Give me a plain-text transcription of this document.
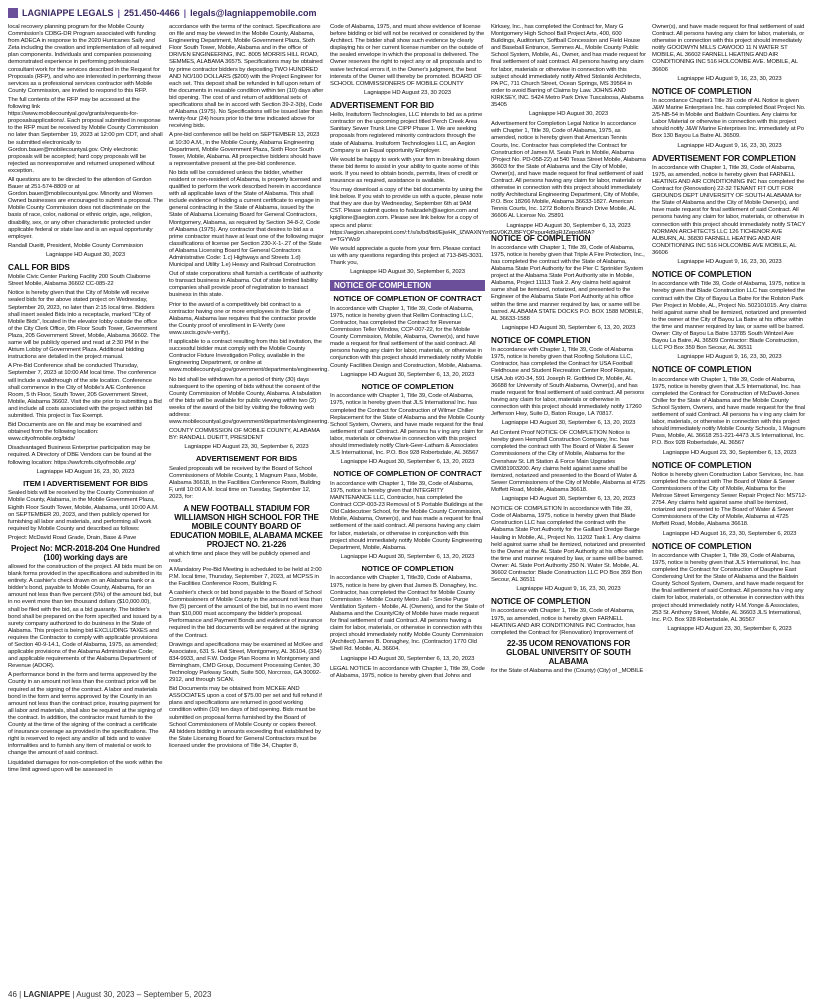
LAGNIAPPE LEGALS | 251.450-4466 | legals@lagniappemobile.com

local recovery planning program for the Mobile County Commission's CDBG-DR Program associated with funding from ADECA in response to the 2020 Hurricanes Sally and Zeta including the creation and implementation of all required plan components. Individuals and companies possessing demonstrated experience in performing professional consultant work for the services described in the Request for Proposals (RFP), and who are interested in performing these services as a professional services contractor with Mobile County Commission, are invited to respond to this RFP.

The full contents of the RFP may be accessed at the following link https://www.mobilecountyal.gov/grants/requests-for-proposalsapplications/. Each proposal submitted in response to the RFP must be received by Mobile County Commission no later than September 19, 2023 at 12:00 pm CDT, and shall be submitted electronically to Gordon.bauer@mobilecountyal.gov. Only electronic proposals will be accepted; hard copy proposals will be rejected as nonresponsive and returned unopened without exception.

All questions are to be directed to the attention of Gordon Bauer at 251-574-8809 or at Gordon.bauer@mobilecountyal.gov. Minority and Women Owned businesses are encouraged to submit a proposal. The Mobile County Commission does not discriminate on the basis of race, color, national or ethnic origin, age, religion, disability, sex, or any other characteristic protected under applicable federal or state law and is an equal opportunity employer.

Randall Dueitt, President, Mobile County Commission

Lagniappe HD August 30, 2023
CALL FOR BIDS

Mobile Civic Center Parking Facility 200 South Claiborne Street Mobile, Alabama 36602 CC-085-22

Notice is hereby given that the City of Mobile will receive sealed bids for the above stated project on Wednesday, September 20, 2023, no later than 2:15 local time. Bidders shall insert sealed Bids into a receptacle, marked "City of Mobile Bids", located in the elevator lobby outside the office of the City Clerk Office, 9th Floor South Tower, Government Plaza, 205 Government Street, Mobile, Alabama 36602. The same will be publicly opened and read at 2:30 PM in the Atrium Lobby of Government Plaza. Additional bidding instructions are detailed in the project manual.

A Pre-Bid Conference shall be conducted Thursday, September 7, 2023 at 10:00 AM local time. The conference will include a walkthrough of the site location. Conference shall commence in the City of Mobile's A/E Conference Room, 5 th Floor, South Tower, 205 Government Street, Mobile, Alabama 36602. Visit the site prior to submitting a Bid and include all costs associated with the project within bid submitted. This project is Tax Exempt.

Bid Documents are on file and may be examined and obtained from the following location: www.cityofmobile.org/bids/

Disadvantaged Business Enterprise participation may be required. A Directory of DBE Vendors can be found at the following location: https://wwfcmfs.cityofmobile.org/

Lagniappe HD August 16, 23, 30, 2023
ITEM I ADVERTISEMENT FOR BIDS

Sealed bids will be received by the County Commission of Mobile County, Alabama, in the Mobile Government Plaza, Eighth Floor South Tower, Mobile, Alabama, until 10:00 A.M. on SEPTEMBER 20, 2023, and then publicly opened for furnishing all labor and materials, and performing all work required by Mobile County and described as follows:

Project: McDavid Road Grade, Drain, Base & Pave

Project No: MCR-2018-204 One Hundred (100) working days are

allowed for the construction of the project. All bids must be on blank forms provided in the specifications and submitted in its entirety. A cashier's check drawn on an Alabama bank or a bidder's bond, payable to Mobile County, Alabama, for an amount not less than five percent (5%) of the amount bid, but in no event more than ten thousand dollars ($10,000.00), shall be filed with the bid, as a bid guaranty. The bidder's bond shall be prepared on the form specified and issued by a surety company authorized to do business in the State of Alabama. This project is being bid EXCLUDING TAXES and requires the Contractor to comply with applicable provisions of Section 40-9-14.1, Code of Alabama, 1975, as amended; applicable provisions of the Alabama Administrative Code; and applicable requirements of the Alabama Department of Revenue (ADOR).

A performance bond in the form and terms approved by the County in an amount not less than the contract price will be required at the signing of the contract. A labor and materials bond in the form and terms approved by the County in an amount not less than the contract price, insuring payment for all labor and materials, shall also be required at the signing of the contract. In addition, the contractor must furnish to the County at the time of the signing of the contract a certificate of insurance coverage as provided in the specifications. The right is reserved to reject any and/or all bids and to waive informalities and to furnish any item of material or work to change the amount of said contract.

Liquidated damages for non-completion of the work within the time limit agreed upon will be assessed in

accordance with the terms of the contract. Specifications are on file and may be viewed in the Mobile County, Alabama, Engineering Department, Mobile Government Plaza, Sixth Floor South Tower, Mobile, Alabama and in the office of DRIVEN ENGINEERING, INC. 8005 MORRIS HILL ROAD, SEMMES, ALABAMA 36575. Specifications may be obtained by prime contractor bidders by depositing TWO HUNDRED AND NO/100 DOLLARS ($200) with the Project Engineer for each set. This deposit shall be refunded in full upon return of the documents in reusable condition within ten (10) days after bid opening. The cost of and return of additional sets of specifications shall be in accord with Section 39-2-3(b), Code of Alabama (1975). No Specifications will be issued later than twenty-four (24) hours prior to the time indicated above for receiving bids.

A pre-bid conference will be held on SEPTEMBER 13, 2023 at 10:30 A.M., in the Mobile County, Alabama Engineering Department, Mobile Government Plaza, Sixth Floor South Tower, Mobile, Alabama. All prospective bidders should have a representative present at the pre-bid conference.

No bids will be considered unless the bidder, whether resident or non-resident of Alabama, is properly licensed and qualified to perform the work described herein in accordance with all applicable laws of the State of Alabama. This shall include evidence of holding a current certificate to engage in general contracting in the State of Alabama, issued by the State of Alabama Licensing Board for General Contractors, Montgomery, Alabama, as required by Section 34-8-2, Code of Alabama (1975). Any contractor that desires to bid as a prime contractor must have at least one of the following major classifications of license per Section 230-X-1-.27 of the State of Alabama Licensing Board for General Contractors Administrative Code: 1.c) Highways and Streets 1.d) Municipal and Utility 1.e) Heavy and Railroad Construction

Out of state corporations shall furnish a certificate of authority to transact business in Alabama. Out of state limited liability companies shall provide proof of registration to transact business in this state.

Prior to the award of a competitively bid contract to a contractor having one or more employees in the State of Alabama, Alabama law requires that the contractor provide the County proof of enrollment in E-Verify (see www.uscis.gov/e-verify).

If applicable to a contract resulting from this bid invitation, the successful bidder must comply with the Mobile County Contractor Fixture Investigation Policy, available in the Engineering Department, or online at www.mobilecountyal.gov/government/departments/engineering.

No bid shall be withdrawn for a period of thirty (30) days subsequent to the opening of bids without the consent of the County Commission of Mobile County, Alabama. A tabulation of the bids will be available for public viewing within two (2) weeks of the award of the bid by visiting the following web address: www.mobilecountyal.gov/government/departments/engineering.

COUNTY COMMISSION OF MOBILE COUNTY, ALABAMA BY: RANDALL DUEITT, PRESIDENT

Lagniappe HD August 23, 30, September 6, 2023
ADVERTISEMENT FOR BIDS

Sealed proposals will be received by the Board of School Commissioners of Mobile County, 1 Magnum Pass, Mobile, Alabama 36618, in the Facilities Conference Room, Building F, until 10:00 A.M. local time on Tuesday, September 12, 2023, for:

A NEW FOOTBALL STADIUM FOR WILLIAMSON HIGH SCHOOL FOR THE MOBILE COUNTY BOARD OF EDUCATION MOBILE, ALABAMA MCKEE PROJECT NO. 21-226

at which time and place they will be publicly opened and read.

A Mandatory Pre-Bid Meeting is scheduled to be held at 2:00 P.M. local time, Thursday, September 7, 2023, at MCPSS in the Facilities Conference Room, Building F.

A cashier's check or bid bond payable to the Board of School Commissioners of Mobile County in the amount not less than five (5) percent of the amount of the bid, but in no event more than $10,000 must accompany the bidder's proposal. Performance and Payment Bonds and evidence of insurance required in the bid documents will be required at the signing of the Contract.

Drawings and specifications may be examined at McKee and Associates, 631 S. Hull Street, Montgomery, AL 36104, (334) 834-9933, and F.W. Dodge Plan Rooms in Montgomery and Birmingham, CMD Group, Document Processing Center, 30 Technology Parkway South, Suite 500, Norcross, GA 30092-2912, and through SCAN.

Bid Documents may be obtained from MCKEE AND ASSOCIATES upon a cost of $75.00 per set and full refund if plans and specifications are returned in good working condition within (10) ten days of bid opening. Bids must be submitted on proposal forms furnished by the Board of School Commissioners of Mobile County or copies thereof. All bidders bidding in amounts exceeding that established by the State Licensing Board for General Contractors must be licensed under the provisions of Title 34, Chapter 8,

Code of Alabama, 1975, and must show evidence of license before bidding or bid will not be received or considered by the Architect. The bidder shall show such evidence by clearly displaying his or her current license number on the outside of the sealed envelope in which the proposal is delivered. The Owner reserves the right to reject any or all proposals and to waive technical errors if, in the Owner's judgment, the best interests of the Owner will thereby be promoted. BOARD OF SCHOOL COMMISSIONERS OF MOBILE COUNTY

Lagniappe HD August 23, 30 2023
ADVERTISEMENT FOR BID

Hello, Insituform Technologies, LLC intends to bid as a prime contractor on the upcoming project titled Perch Creek Area Sanitary Sewer Trunk Line CIPP Phase 1. We are seeking proposals from registered minority contractors through the state of Alabama. Insituform Technologies LLC, an Aegion Company is an Equal opportunity Employer.

We would be happy to work with your firm in breaking down these bid items to assist in your ability to quote some of this work. If you need to obtain bonds, permits, lines of credit or insurance as required, assistance is available.

You may download a copy of the bid documents by using the link below. If you wish to provide us with a quote, please note that they are due by Wednesday, September 6th at 9AM CST. Please submit quotes to fvalizadeh@aegion.com and kpiglione@aegion.com. Please see link below for a copy of specs and plans: https://aegion.sharepoint.com/:f:/s/is/bd/bid/EjwHK_IZWAXNYrr8GV0KZUBFYQPxpur4d9gRJZepoMRA?e=TGYWs9

We would appreciate a quote from your firm. Please contact us with any questions regarding this project at 713-845-3031. Thank you,

Lagniappe HD August 30, September 6, 2023
NOTICE OF COMPLETION
NOTICE OF COMPLETION OF CONTRACT

In accordance with Chapter 1, Title 39, Code of Alabama, 1975, notice is hereby given that Rellim Contracting LLC, Contractor, has completed the Contract for Revenue Commission Teller Window, CCP-007-22, for the Mobile County Commission, Mobile, Alabama, Owner(s), and have made a request for final settlement of the said contract. All persons having any claim for labor, materials, or otherwise in conjunction with this project should immediately notify Mobile County Facilities Design and Construction, Mobile, Alabama.

Lagniappe HD August 30, September 6, 13, 20, 2023
NOTICE OF COMPLETION

In accordance with Chapter 1, Title 39, Code of Alabama, 1975, notice is hereby given that JLS International Inc. has completed the Contract for Construction of Wilmer Chiller Replacement for the State of Alabama and the Mobile County School System, Owners, and have made request for the final settlement of said Contract. All persons ha v ing any claim for labor, materials or otherwise in connection with this project should immediately notify Clark-Geer-Latham & Associates JLS International, Inc. P.O. Box 928 Robertsdale, AL 36567

Lagniappe HD August 30, September 6, 13, 20, 2023
NOTICE OF COMPLETION OF CONTRACT

In accordance with Chapter 1, Title 39, Code of Alabama, 1975, notice is hereby given that INTEGRITY MAINTENANCE LLC, Contractor, has completed the Contract CCP-003-23 Removal of 5 Portable Buildings at the Old Caldecutoer School, for the Mobile County Commission, Mobile, Alabama, Owner(s), and has made a request for final settlement of the said contract. All persons having any claim for labor, materials, or otherwise in conjunction with this project should immediately notify Mobile County Engineering Department, Mobile, Alabama.

Lagniappe HD August 30, September 6, 13, 20, 2023
NOTICE OF COMPLETION

In accordance with Chapter 1, Title39, Code of Alabama, 1975, notice is here by given that James B. Donaghey, Inc. Contractor, has completed the Contract for Mobile County Commission - Mobile County Metro Jail - Smoke Purge Ventilation System - Mobile, AL (Owners), and for the State of Alabama and the County/City of Mobile have made request for final settlement of said Contract. All persons having a claim for labor, materials, or otherwise in connection with this project should immediately notify Mobile County Commission (Architect) James B. Donaghey, Inc. (Contractor) 1770 Old Shell Rd. Mobile, AL 36604.

Lagniappe HD August 30, September 6, 13, 20, 2023

LEGAL NOTICE In accordance with Chapter 1, Title 39, Code of Alabama, 1975, notice is hereby given that Johns and

Kirksey, Inc., has completed the Contract for, Mary G Montgomery High School Ball Project Arts, 400, 600 Buildings, Auditorium, Softball Concession and Field House and Baseball Entrance, Semmes AL, Mobile County Public School System, Mobile, AL, Owner, and has made request for final settlement of said contract. All persons having any claim for labor, materials or otherwise in connection with this subject should immediately notify Alfred Stolarski Architects, PA PC, 711 Church Street, Ocean Springs, MS 39564 in order to avoid Barring of Claims by Law. JOHNS AND KIRKSEY, INC. 5424 Metro Park Drive Tuscaloosa, Alabama 35405

Lagniappe HD August 30, 2023

Advertisement for Completion Legal Notice In accordance with Chapter 1, Title 39, Code of Alabama, 1975, as amended, notice is hereby given that American Tennis Courts, Inc. Contractor has completed the Contract for Construction of James M. Seals Park in Mobile, Alabama (Project No. PD-058-22) at 540 Texas Street Mobile, Alabama 36603 for the State of Alabama and the City of Mobile, Owner(s), and have made request for final settlement of said Contract. All persons having any claim for labor, materials or otherwise in connection with this project should immediately notify Architectural Engineering Department, City of Mobile, P.O. Box 18266 Mobile, Alabama 36633-1827. American Tennis Courts, Inc. 1272 Bolton's Branch Drive Mobile, AL 36606 AL License No. 25891

Lagniappe HD August 30, September 6, 13, 2023
NOTICE OF COMPLETION

In accordance with Chapter 1, Title 39, Code of Alabama, 1975, notice is hereby given that Triple A Fire Protection, Inc., has completed the contract with the State of Alabama, Alabama State Port Authority for the Pier C Sprinkler System project at the Alabama State Port Authority site in Mobile, Alabama, Project 11113 Task 2. Any claims held against same shall be itemized, notarized, and presented to the Engineer of the Alabama State Port Authority at his office within the time and manner required by law, or same will be barred. ALABAMA STATE DOCKS P.O. BOX 1588 MOBILE, AL 36633-1588

Lagniappe HD August 30, September 6, 13, 20, 2023
NOTICE OF COMPLETION

In accordance with Chapter 1, Title 39, Code of Alabama 1975, notice is hereby given that Roofing Solutions LLC, Contractor, has completed the Contract for USA Football Fieldhouse and Student Recreation Center Roof Repairs, USA Job #20-34, 591 Joseph R. Gottfried Dr, Mobile, AL 36688 for University of South Alabama, Owner(s), and has made request for final settlement of said contract. All persons having any claim for labor, materials or otherwise in connection with this project should immediately notify 17260 Jefferson Hwy, Suite D, Baton Rouge, LA 70817.

Lagniappe HD August 30, September 6, 13, 20, 2023

Ad Content Proof NOTICE OF COMPLETION Notice is hereby given Hemphill Construction Company, Inc. has completed the contract with The Board of Water & Sewer Commissioners of the City of Mobile, Alabama for the Crenshaw St. Lift Station & Force Main Upgrades CM081903200. Any claims held against same shall be itemized, notarized and presented to the Board of Water & Sewer Commissioners of the City of Mobile, Alabama at 4725 Moffett Road, Mobile, Alabama 36618.

Lagniappe HD August 30, September 6, 13, 20, 2023

NOTICE OF COMPLETION In accordance with Title 39, Code of Alabama, 1975, notice is hereby given that Blade Construction LLC has completed the contract with the Alabama State Port Authority for the Gaillard Dredge Barge Hauling in Mobile, AL, Project No. 11202 Task 1. Any claims held against same shall be itemized, notarized and presented to the Owner at the AL State Port Authority at his office within the time and manner required by law, or same will be barred. Owner: AL State Port Authority 250 N. Water St. Mobile, AL 36602 Contractor: Blade Construction LLC PO Box 359 Bon Secour, AL 36511

Lagniappe HD August 9, 16, 23, 30, 2023
NOTICE OF COMPLETION

In accordance with Chapter 1, Title 39, Code of Alabama, 1975, as amended, notice is hereby given FARNELL HEATING AND AIR CONDITIONING INC Contractor, has completed the Contract for (Renovation) Improvement of

22-35 UCOM RENOVATIONS FOR GLOBAL UNIVERSITY OF SOUTH ALABAMA

for the State of Alabama and the (County) (City) of _MOBILE

Owner(s), and have made request for final settlement of said Contract. All persons having any claim for labor, materials, or otherwise in connection with this project should immediately notify GOODWYN MILLS CAWOOD 11 N WATER ST MOBILE, AL 36602 FARNELL HEATING AND AIR CONDITIONING INC 516 HOLCOMBE AVE. MOBILE, AL 36606

Lagniappe HD August 9, 16, 23, 30, 2023
NOTICE OF COMPLETION

In accordance Chapter1 Title 39 code of AL Notice is given J&W Marine Enterprises Inc. has completed Boat Project No. 2/5-NB-54 in Mobile and Baldwin Counties. Any claims for Labor Material or otherwise in connection with this project should notify J&W Marine Enterprises Inc. immediately at Po Box 130 Bayou La Batre AL 36509.

Lagniappe HD August 9, 16, 23, 30, 2023
ADVERTISEMENT FOR COMPLETION

In accordance with Chapter 1, Title 39, Code of Alabama, 1975, as amended, notice is hereby given that FARNELL HEATING AND AIR CONDITIONING INC has completed the Contract for (Renovation) 22-32 TENANT FIT OUT FOR GROUNDS DEPT UNIVERSITY OF SOUTH ALABAMA for the State of Alabama and the City of Mobile Owner(s), and have made request for final settlement of said Contract. All persons having any claim for labor, materials, or otherwise in connection with this project should immediately notify STACY NORMAN ARCHITECTS LLC 126 TICHENOR AVE AUBURN, AL 36830 FARNELL HEATING AND AIR CONDITIONING INC 516 HOLCOMBE AVE MOBILE, AL 36606

Lagniappe HD August 9, 16, 23, 30, 2023
NOTICE OF COMPLETION

In accordance with Title 39, Code of Alabama, 1975, notice is hereby given that Blade Construction LLC has completed the contract with the City of Bayou La Batre for the Rolston Park Pier Project in Mobile, AL, Project No. 502101015. Any claims held against same shall be itemized, notarized and presented to the owner at the City of Bayou La Batre at his office within the time and manner required by law, or same will be barred. Owner: City of Bayou La Batre 13785 South Wintzel Ave Bayou La Batre, AL 36509 Contractor: Blade Construction, LLC PO Box 359 Bon Secour, AL 36511

Lagniappe HD August 9, 16, 23, 30, 2023
NOTICE OF COMPLETION

In accordance with Chapter 1, Title 39, Code of Alabama, 1975, notice is hereby given that JLS International, Inc. has completed the Contract for Construction of McDavid-Jones Chiller for the State of Alabama and the Mobile County School System, Owners, and have made request for the final settlement of said Contract. All persons ha v ing any claim for labor, materials, or otherwise in connection with this project should immediately notify Mobile County Schools, 1 Magnum Pass, Mobile, AL 36618 251-221-4473 JLS International, Inc. P.O. Box 928 Robertsdale, AL 36567

Lagniappe HD August 23, 30, September 6, 13, 2023
NOTICE OF COMPLETION

Notice is hereby given Construction Labor Services, Inc. has completed the contract with The Board of Water & Sewer Commissioners of the City of Mobile, Alabama for the Melrose Street Emergency Sewer Repair Project No: MS712-2754. Any claims held against same shall be itemized, notarized and presented to The Board of Water & Sewer Commissioners of the City of Mobile, Alabama at 4725 Moffett Road, Mobile, Alabama 36618.

Lagniappe HD August 16, 23, 30, September 6, 2023
NOTICE OF COMPLETION

In accordance with Chapter 1, Title 39, Code of Alabama, 1975, notice is hereby given that JLS International, Inc. has completed the Contract for Construction of Dauphne East Condensing Unit for the State of Alabama and the Baldwin County School System, Owners, and have made request for the final settlement of said Contract. All persons ha v ing any claim for labor, materials, or otherwise in connection with this project should immediately notify H.M.Yonge & Associates, 253 St. Anthony Street, Mobile, AL 36603 JLS International, Inc. P.O. Box 928 Robertsdale, AL 36567

Lagniappe HD August 23, 30, September 6, 2023
46 | LAGNIAPPE | August 30, 2023 – September 5, 2023
